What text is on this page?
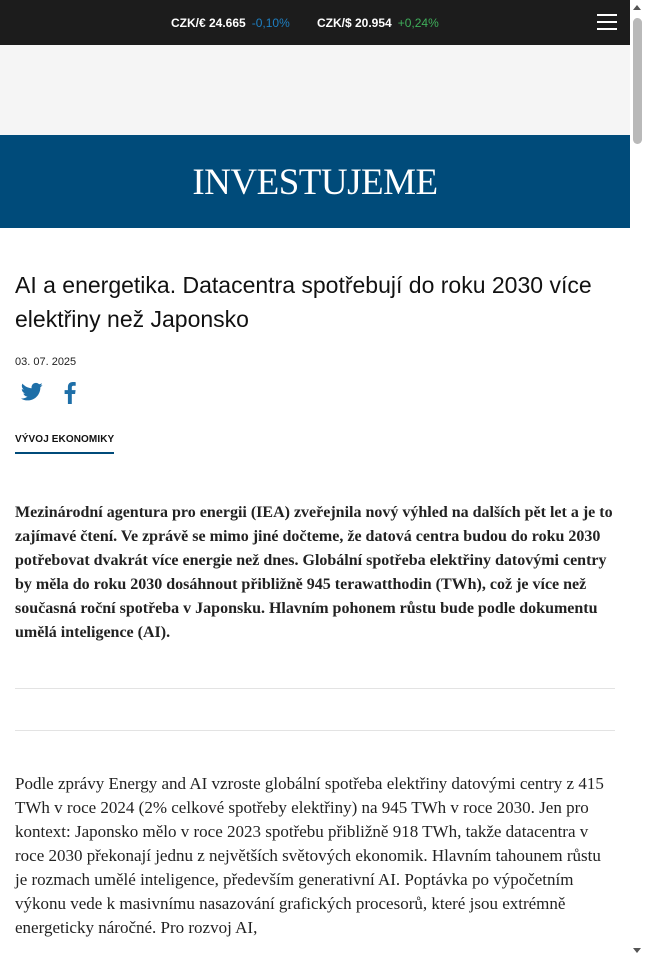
CZK/€ 24.665 -0,10% CZK/$ 20.954 +0,24%
INVESTUJEME
AI a energetika. Datacentra spotřebují do roku 2030 více elektřiny než Japonsko
03. 07. 2025
VÝVOJ EKONOMIKY

Mezinárodní agentura pro energii (IEA) zveřejnila nový výhled na dalších pět let a je to zajímavé čtení. Ve zprávě se mimo jiné dočteme, že datová centra budou do roku 2030 potřebovat dvakrát více energie než dnes. Globální spotřeba elektřiny datovými centry by měla do roku 2030 dosáhnout přibližně 945 terawatthodin (TWh), což je více než současná roční spotřeba v Japonsku. Hlavním pohonem růstu bude podle dokumentu umělá inteligence (AI).

Podle zprávy Energy and AI vzroste globální spotřeba elektřiny datovými centry z 415 TWh v roce 2024 (2% celkové spotřeby elektřiny) na 945 TWh v roce 2030. Jen pro kontext: Japonsko mělo v roce 2023 spotřebu přibližně 918 TWh, takže datacentra v roce 2030 překonají jednu z největších světových ekonomik. Hlavním tahounem růstu je rozmach umělé inteligence, především generativní AI. Poptávka po výpočetním výkonu vede k masivnímu nasazování grafických procesorů, které jsou extrémně energeticky náročné. Pro rozvoj AI,
